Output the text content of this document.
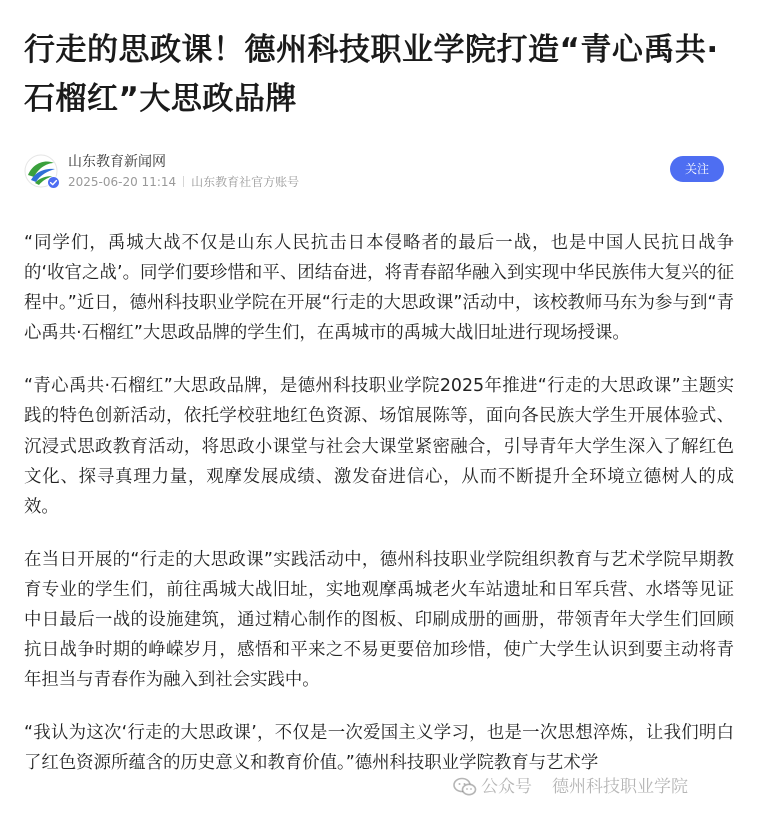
行走的思政课！德州科技职业学院打造“青心禹共·石榴红”大思政品牌
山东教育新闻网
2025-06-20 11:14 山东教育社官方账号
关注

“同学们，禹城大战不仅是山东人民抗击日本侵略者的最后一战，也是中国人民抗日战争的‘收官之战’。同学们要珍惜和平、团结奋进，将青春韶华融入到实现中华民族伟大复兴的征程中。”近日，德州科技职业学院在开展“行走的大思政课”活动中，该校教师马东为参与到“青心禹共·石榴红”大思政品牌的学生们，在禹城市的禹城大战旧址进行现场授课。

“青心禹共·石榴红”大思政品牌，是德州科技职业学院2025年推进“行走的大思政课”主题实践的特色创新活动，依托学校驻地红色资源、场馆展陈等，面向各民族大学生开展体验式、沉浸式思政教育活动，将思政小课堂与社会大课堂紧密融合，引导青年大学生深入了解红色文化、探寻真理力量，观摩发展成绩、激发奋进信心，从而不断提升全环境立德树人的成效。

在当日开展的“行走的大思政课”实践活动中，德州科技职业学院组织教育与艺术学院早期教育专业的学生们，前往禹城大战旧址，实地观摩禹城老火车站遗址和日军兵营、水塔等见证中日最后一战的设施建筑，通过精心制作的图板、印刷成册的画册，带领青年大学生们回顾抗日战争时期的峥嵘岁月，感悟和平来之不易更要倍加珍惜，使广大学生认识到要主动将青年担当与青春作为融入到社会实践中。

“我认为这次‘行走的大思政课’，不仅是一次爱国主义学习，也是一次思想淬炼，让我们明白了红色资源所蕴含的历史意义和教育价值。”德州科技职业学院教育与艺术学

公众号 德州科技职业学院
